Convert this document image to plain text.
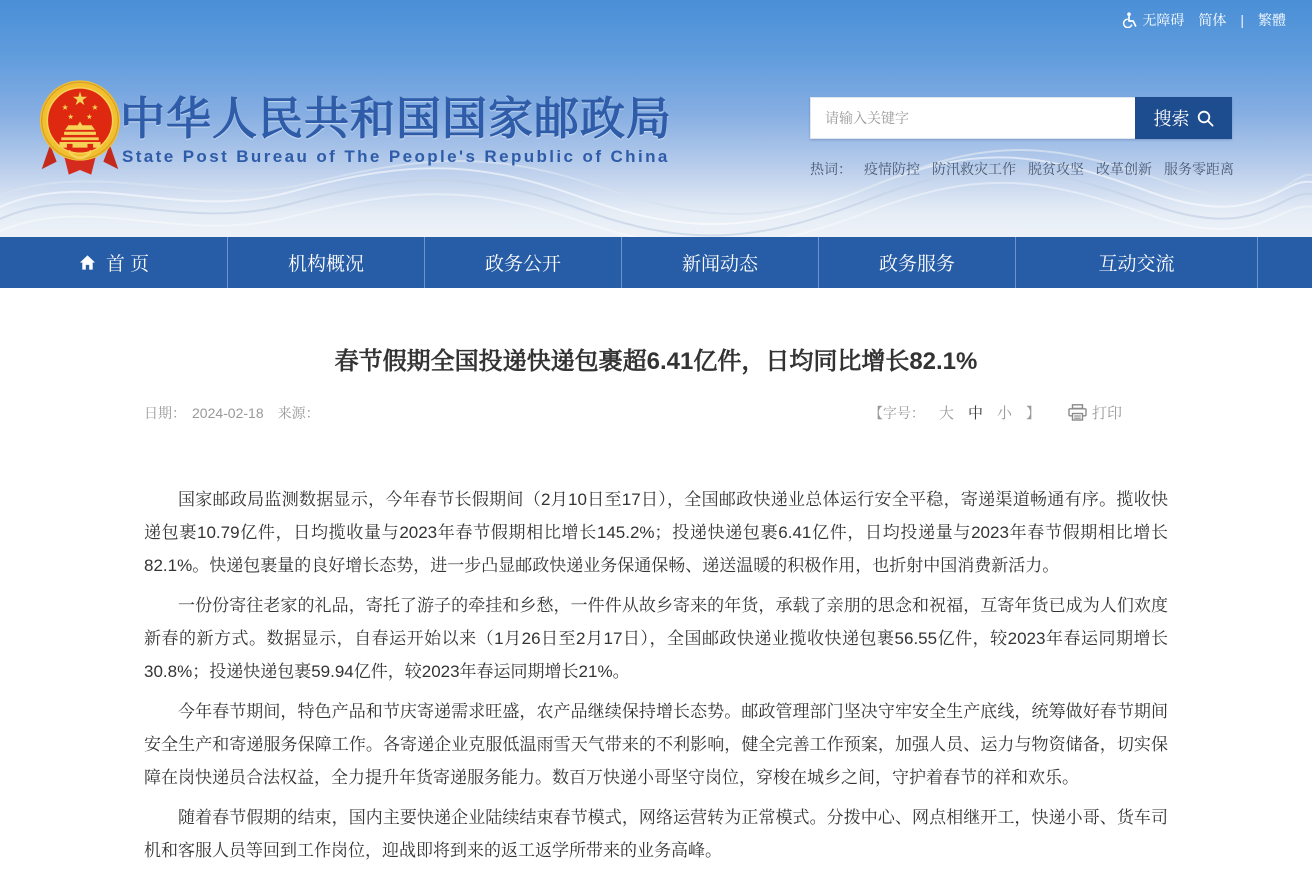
无障碍 简体 | 繁體
中华人民共和国国家邮政局
State Post Bureau of The People's Republic of China
请输入关键字
搜索
热词： 疫情防控 防汛救灾工作 脱贫攻坚 改革创新 服务零距离
首 页	机构概况	政务公开	新闻动态	政务服务	互动交流
春节假期全国投递快递包裹超6.41亿件，日均同比增长82.1%
日期： 2024-02-18 来源：	【字号： 大 中 小 】	打印

国家邮政局监测数据显示，今年春节长假期间（2月10日至17日），全国邮政快递业总体运行安全平稳，寄递渠道畅通有序。揽收快递包裹10.79亿件，日均揽收量与2023年春节假期相比增长145.2%；投递快递包裹6.41亿件，日均投递量与2023年春节假期相比增长82.1%。快递包裹量的良好增长态势，进一步凸显邮政快递业务保通保畅、递送温暖的积极作用，也折射中国消费新活力。

一份份寄往老家的礼品，寄托了游子的牵挂和乡愁，一件件从故乡寄来的年货，承载了亲朋的思念和祝福，互寄年货已成为人们欢度新春的新方式。数据显示，自春运开始以来（1月26日至2月17日），全国邮政快递业揽收快递包裹56.55亿件，较2023年春运同期增长30.8%；投递快递包裹59.94亿件，较2023年春运同期增长21%。

今年春节期间，特色产品和节庆寄递需求旺盛，农产品继续保持增长态势。邮政管理部门坚决守牢安全生产底线，统筹做好春节期间安全生产和寄递服务保障工作。各寄递企业克服低温雨雪天气带来的不利影响，健全完善工作预案，加强人员、运力与物资储备，切实保障在岗快递员合法权益，全力提升年货寄递服务能力。数百万快递小哥坚守岗位，穿梭在城乡之间，守护着春节的祥和欢乐。

随着春节假期的结束，国内主要快递企业陆续结束春节模式，网络运营转为正常模式。分拨中心、网点相继开工，快递小哥、货车司机和客服人员等回到工作岗位，迎战即将到来的返工返学所带来的业务高峰。
